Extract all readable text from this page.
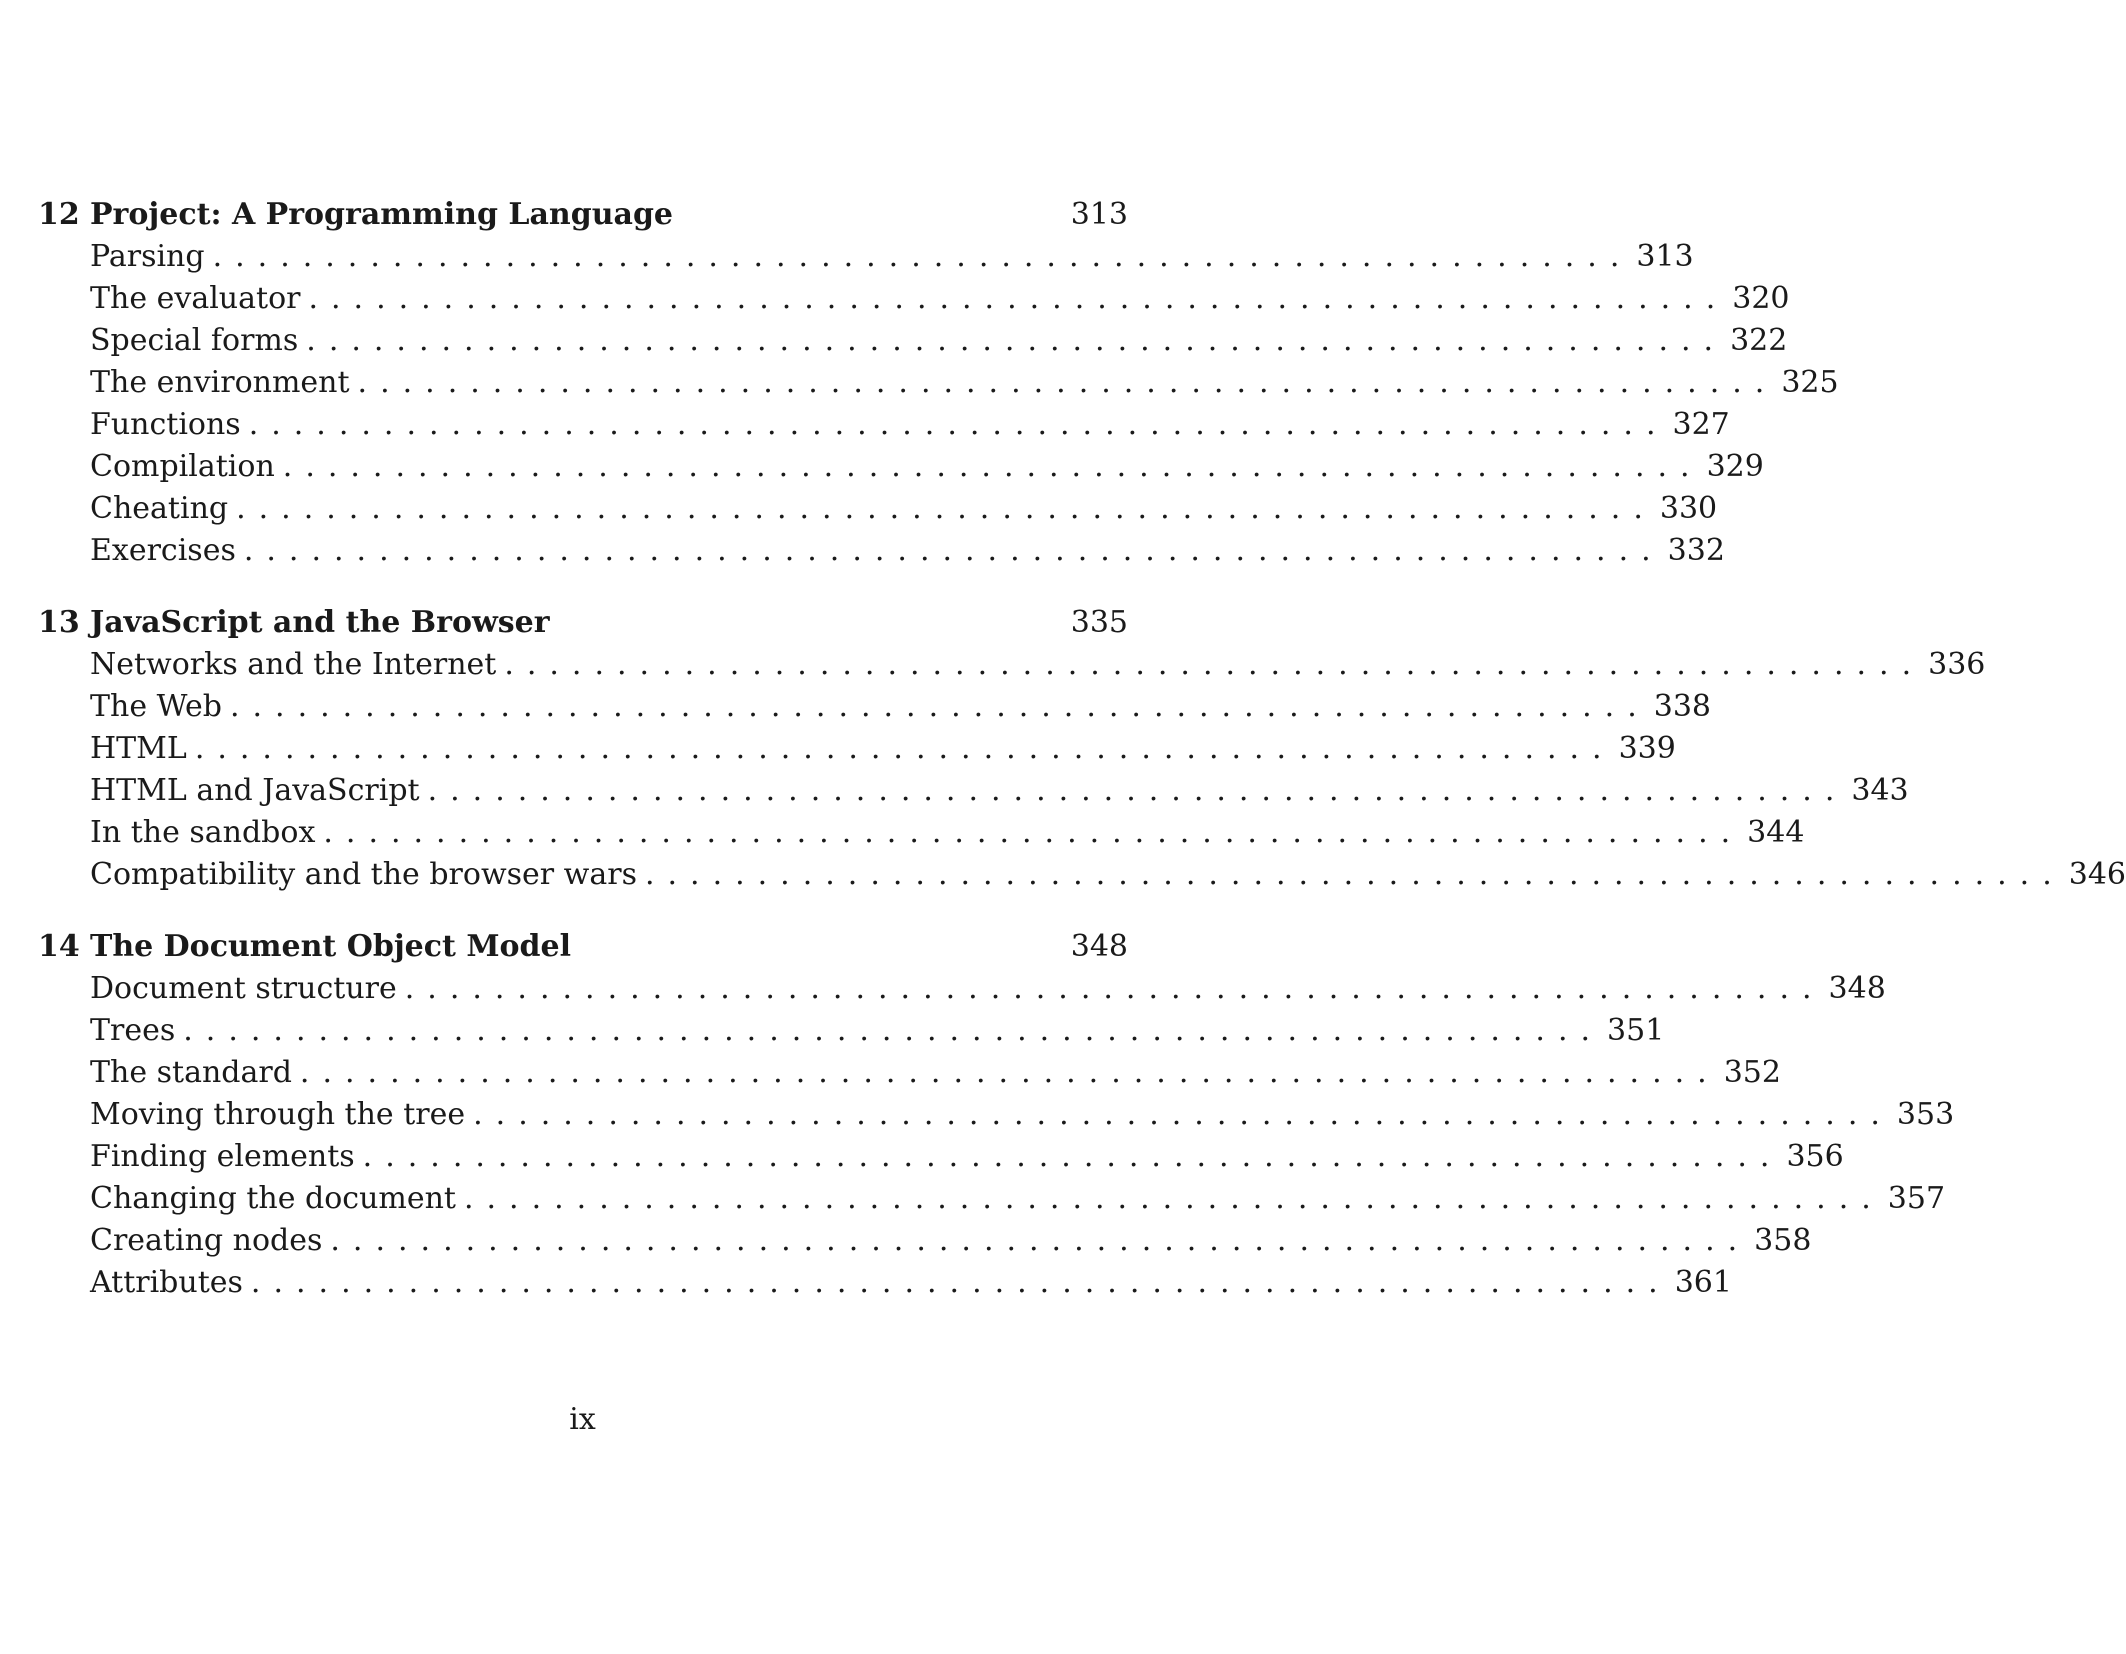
12 Project: A Programming Language	313
Parsing ............................................................... 313
The evaluator ............................................................... 320
Special forms ............................................................... 322
The environment ............................................................... 325
Functions ............................................................... 327
Compilation ............................................................... 329
Cheating ............................................................... 330
Exercises ............................................................... 332
13 JavaScript and the Browser	335
Networks and the Internet ............................................................... 336
The Web ............................................................... 338
HTML ............................................................... 339
HTML and JavaScript ............................................................... 343
In the sandbox ............................................................... 344
Compatibility and the browser wars ............................................................... 346
14 The Document Object Model	348
Document structure ............................................................... 348
Trees ............................................................... 351
The standard ............................................................... 352
Moving through the tree ............................................................... 353
Finding elements ............................................................... 356
Changing the document ............................................................... 357
Creating nodes ............................................................... 358
Attributes ............................................................... 361
ix
